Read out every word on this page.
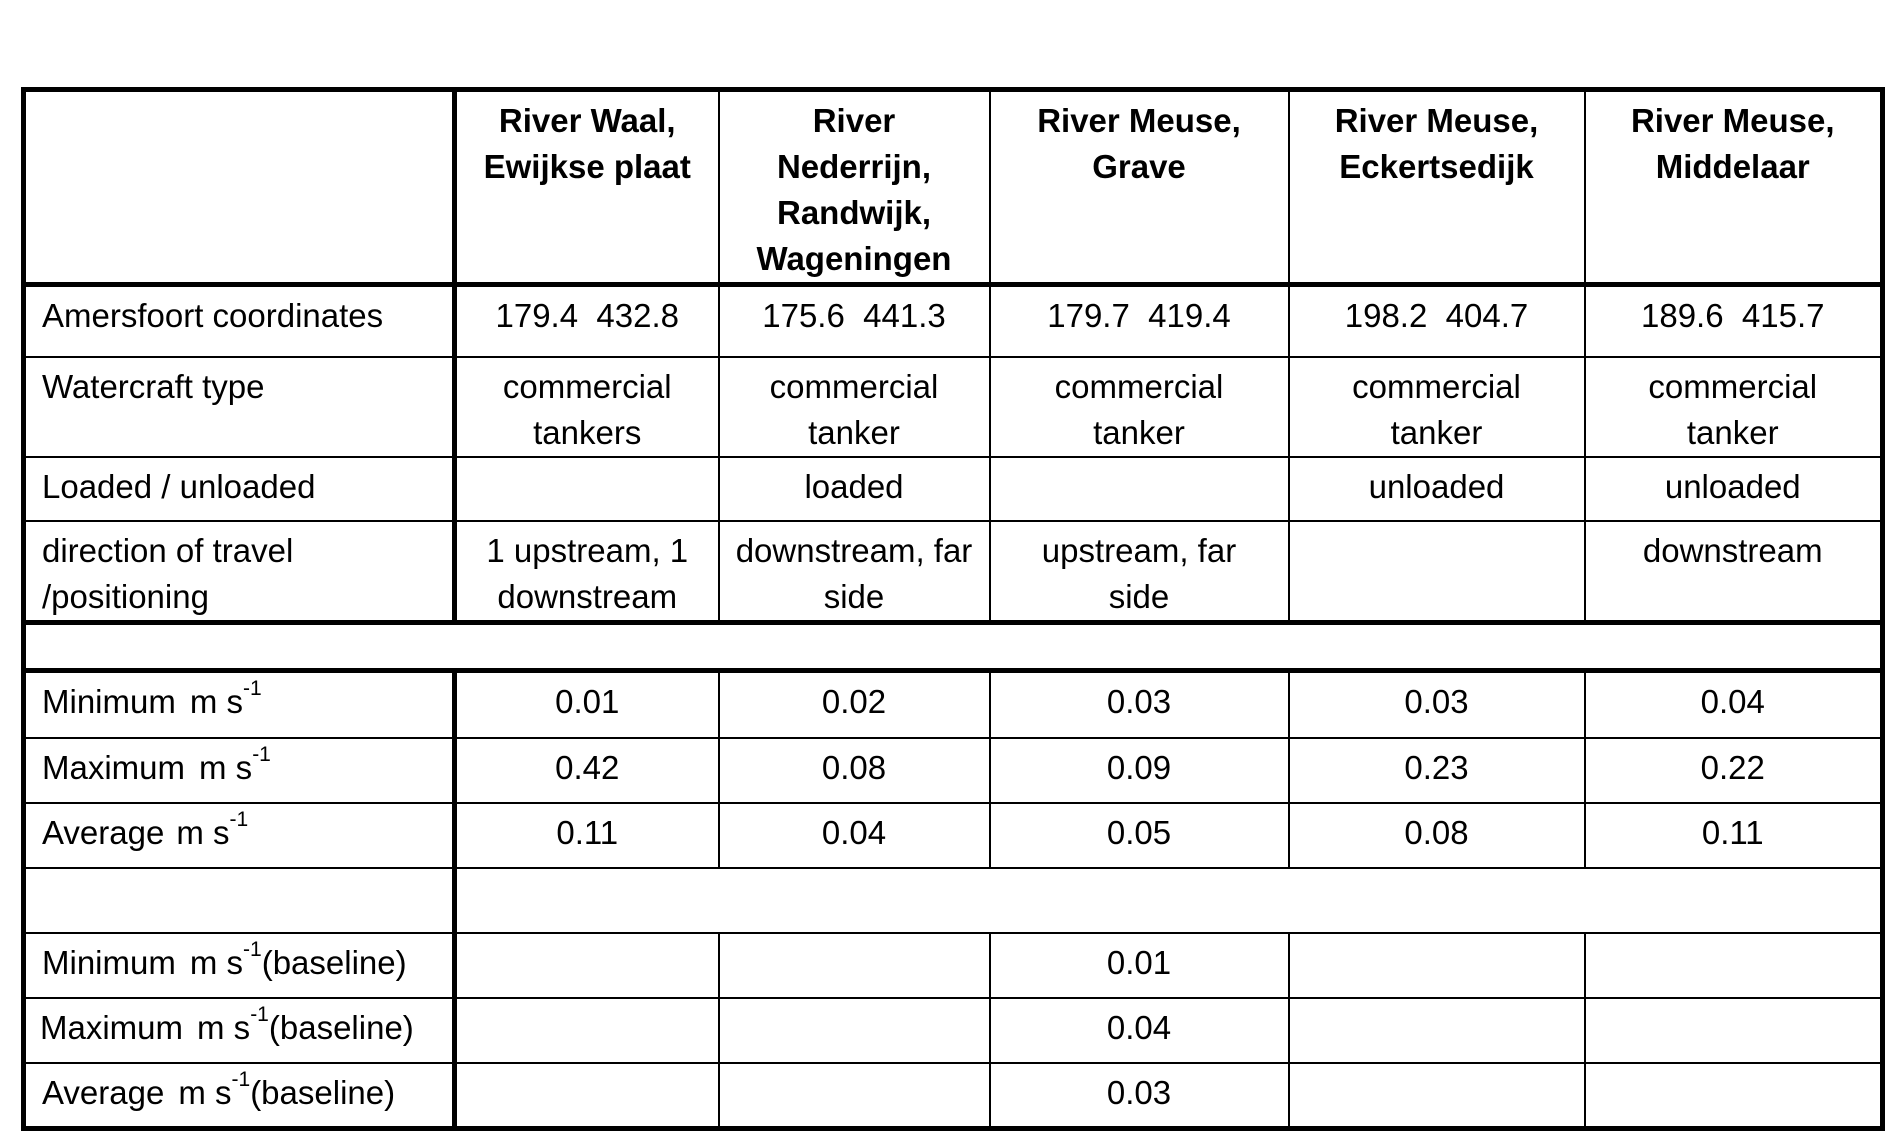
	River Waal, Ewijkse plaat	River Nederrijn, Randwijk, Wageningen	River Meuse, Grave	River Meuse, Eckertsedijk	River Meuse, Middelaar
Amersfoort coordinates	179.4  432.8	175.6  441.3	179.7  419.4	198.2  404.7	189.6  415.7
Watercraft type	commercial tankers	commercial tanker	commercial tanker	commercial tanker	commercial tanker
Loaded / unloaded		loaded		unloaded	unloaded
direction of travel /positioning	1 upstream, 1 downstream	downstream, far side	upstream, far side		downstream

Minimum m $s^{-1}$	0.01	0.02	0.03	0.03	0.04
Maximum m $s^{-1}$	0.42	0.08	0.09	0.23	0.22
Average m $s^{-1}$	0.11	0.04	0.05	0.08	0.11

Minimum m $s^{-1}(baseline)$			0.01		
Maximum m $s^{-1}(baseline)$			0.04		
Average m $s^{-1}(baseline)$			0.03		
